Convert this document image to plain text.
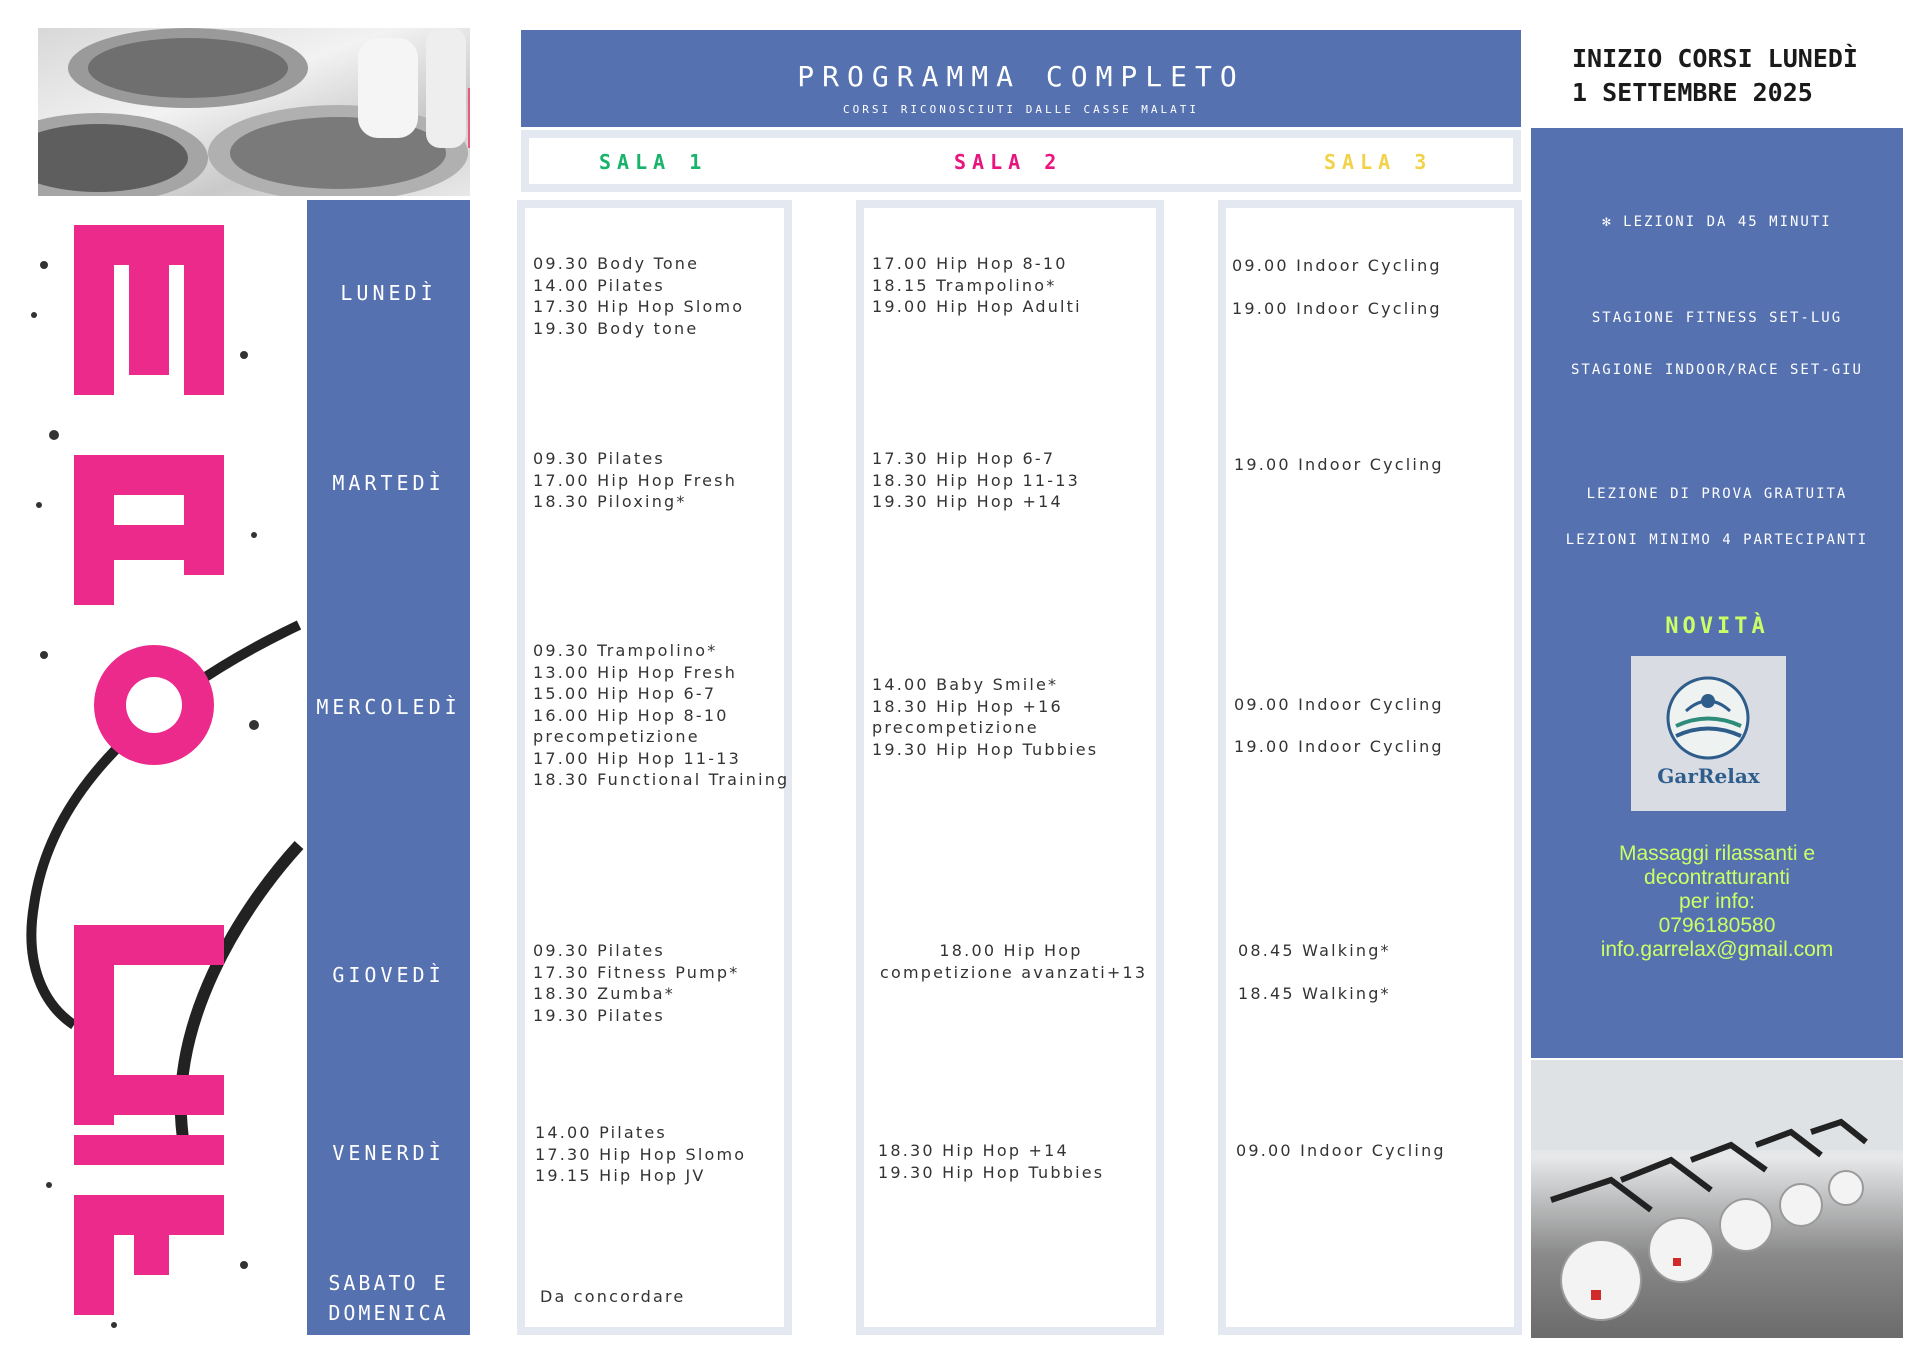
LUNEDÌ
MARTEDÌ
MERCOLEDÌ
GIOVEDÌ
VENERDÌ
SABATO E
DOMENICA
PROGRAMMA COMPLETO
CORSI RICONOSCIUTI DALLE CASSE MALATI
SALA 1	SALA 2	SALA 3
09.30 Body Tone
14.00 Pilates
17.30 Hip Hop Slomo
19.30 Body tone
09.30 Pilates
17.00 Hip Hop Fresh
18.30 Piloxing*
09.30 Trampolino*
13.00 Hip Hop Fresh
15.00 Hip Hop 6-7
16.00 Hip Hop 8-10
precompetizione
17.00 Hip Hop 11-13
18.30 Functional Training
09.30 Pilates
17.30 Fitness Pump*
18.30 Zumba*
19.30 Pilates
14.00 Pilates
17.30 Hip Hop Slomo
19.15 Hip Hop JV
Da concordare
17.00 Hip Hop 8-10
18.15 Trampolino*
19.00 Hip Hop Adulti
17.30 Hip Hop 6-7
18.30 Hip Hop 11-13
19.30 Hip Hop +14
14.00 Baby Smile*
18.30 Hip Hop +16
precompetizione
19.30 Hip Hop Tubbies
18.00 Hip Hop
competizione avanzati+13
18.30 Hip Hop +14
19.30 Hip Hop Tubbies
09.00 Indoor Cycling
19.00 Indoor Cycling
19.00 Indoor Cycling
09.00 Indoor Cycling
19.00 Indoor Cycling
08.45 Walking*
18.45 Walking*
09.00 Indoor Cycling
INIZIO CORSI LUNEDÌ
1 SETTEMBRE 2025
✻ LEZIONI DA 45 MINUTI
STAGIONE FITNESS SET-LUG
STAGIONE INDOOR/RACE SET-GIU
LEZIONE DI PROVA GRATUITA
LEZIONI MINIMO 4 PARTECIPANTI
NOVITÀ
GarRelax
Massaggi rilassanti e
decontratturanti
per info:
0796180580
info.garrelax@gmail.com
